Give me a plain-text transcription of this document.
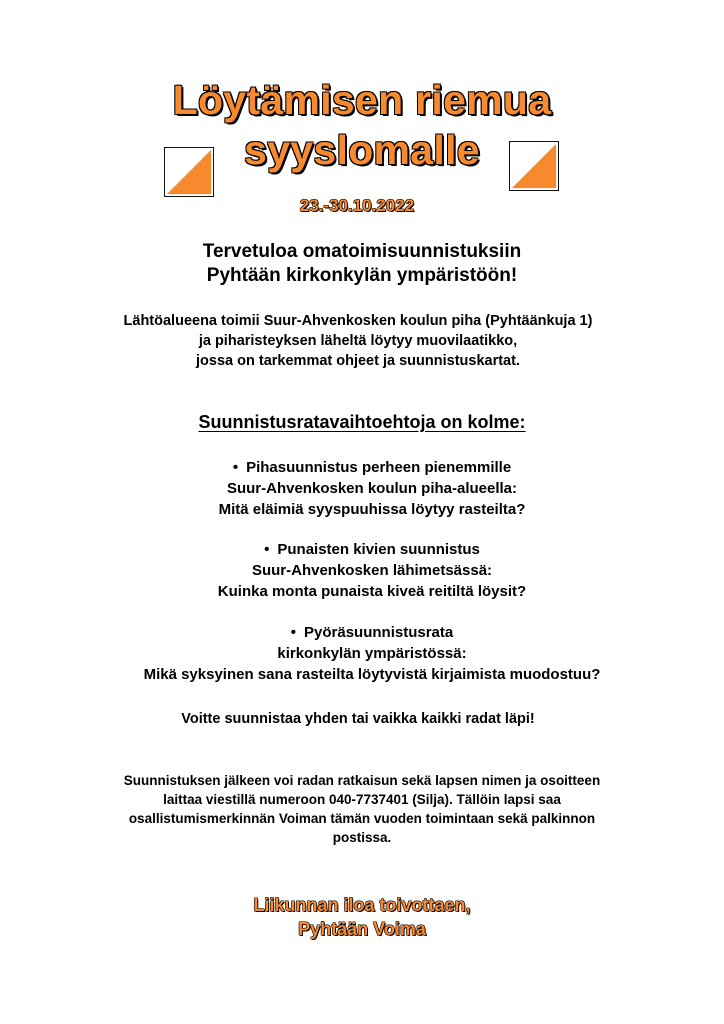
Löytämisen riemua
syyslomalle
23.-30.10.2022
Tervetuloa omatoimisuunnistuksiin
Pyhtään kirkonkylän ympäristöön!
Lähtöalueena toimii Suur-Ahvenkosken koulun piha (Pyhtäänkuja 1)
ja piharisteyksen läheltä löytyy muovilaatikko,
jossa on tarkemmat ohjeet ja suunnistuskartat.
Suunnistusratavaihtoehtoja on kolme:
• Pihasuunnistus perheen pienemmille
Suur-Ahvenkosken koulun piha-alueella:
Mitä eläimiä syyspuuhissa löytyy rasteilta?
• Punaisten kivien suunnistus
Suur-Ahvenkosken lähimetsässä:
Kuinka monta punaista kiveä reitiltä löysit?
• Pyöräsuunnistusrata
kirkonkylän ympäristössä:
Mikä syksyinen sana rasteilta löytyvistä kirjaimista muodostuu?
Voitte suunnistaa yhden tai vaikka kaikki radat läpi!
Suunnistuksen jälkeen voi radan ratkaisun sekä lapsen nimen ja osoitteen
laittaa viestillä numeroon 040-7737401 (Silja). Tällöin lapsi saa
osallistumismerkinnän Voiman tämän vuoden toimintaan sekä palkinnon
postissa.
Liikunnan iloa toivottaen,
Pyhtään Voima
